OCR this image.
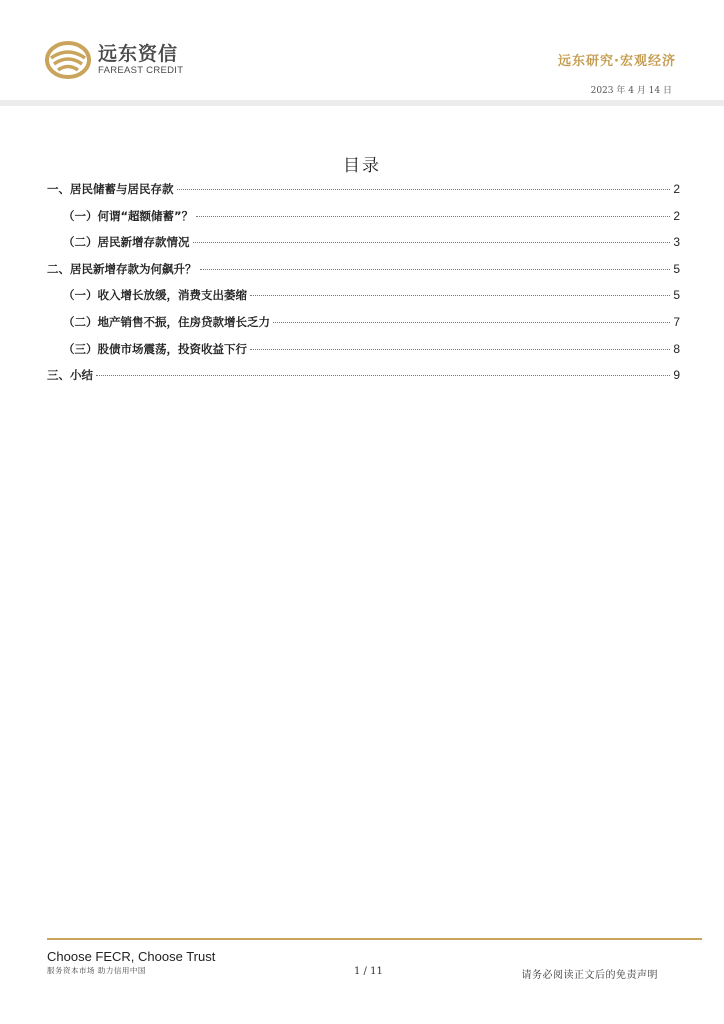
远东资信
FAREAST CREDIT
远东研究·宏观经济
2023 年 4 月 14 日
目录
一、居民储蓄与居民存款	2
（一）何谓“超额储蓄”？	2
（二）居民新增存款情况	3
二、居民新增存款为何飙升？	5
（一）收入增长放缓，消费支出萎缩	5
（二）地产销售不振，住房贷款增长乏力	7
（三）股债市场震荡，投资收益下行	8
三、小结	9
Choose FECR, Choose Trust
服务资本市场 助力信用中国	1 / 11	请务必阅读正文后的免责声明
